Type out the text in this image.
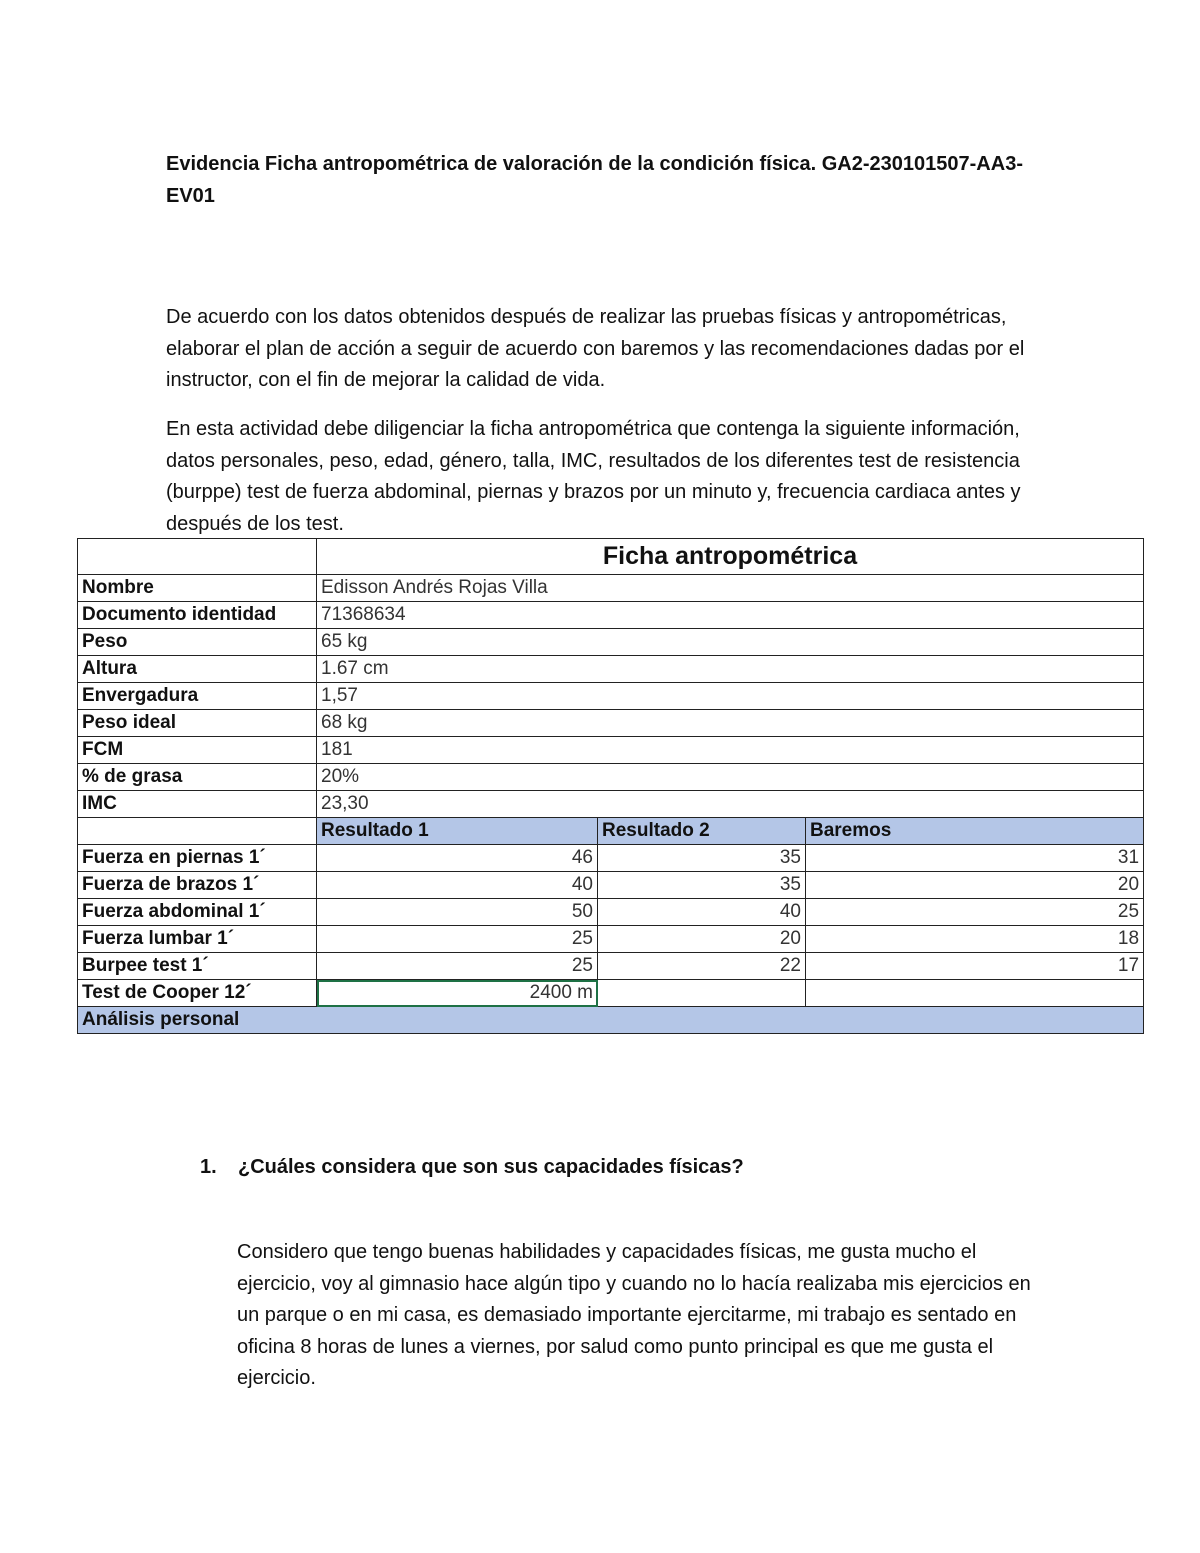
Evidencia Ficha antropométrica de valoración de la condición física. GA2-230101507-AA3- EV01

De acuerdo con los datos obtenidos después de realizar las pruebas físicas y antropométricas, elaborar el plan de acción a seguir de acuerdo con baremos y las recomendaciones dadas por el instructor, con el fin de mejorar la calidad de vida.

En esta actividad debe diligenciar la ficha antropométrica que contenga la siguiente información, datos personales, peso, edad, género, talla, IMC, resultados de los diferentes test de resistencia (burppe) test de fuerza abdominal, piernas y brazos por un minuto y, frecuencia cardiaca antes y después de los test.

	Ficha antropométrica		
Nombre	Edisson Andrés Rojas Villa		
Documento identidad	71368634		
Peso	65 kg		
Altura	1.67 cm		
Envergadura	1,57		
Peso ideal	68 kg		
FCM	181		
% de grasa	20%		
IMC	23,30		
	Resultado 1	Resultado 2	Baremos
Fuerza en piernas 1´	46	35	31
Fuerza de brazos 1´	40	35	20
Fuerza abdominal 1´	50	40	25
Fuerza lumbar 1´	25	20	18
Burpee test 1´	25	22	17
Test de Cooper 12´	2400 m		
Análisis personal			
1. ¿Cuáles considera que son sus capacidades físicas?

Considero que tengo buenas habilidades y capacidades físicas, me gusta mucho el ejercicio, voy al gimnasio hace algún tipo y cuando no lo hacía realizaba mis ejercicios en un parque o en mi casa, es demasiado importante ejercitarme, mi trabajo es sentado en oficina 8 horas de lunes a viernes, por salud como punto principal es que me gusta el ejercicio.
